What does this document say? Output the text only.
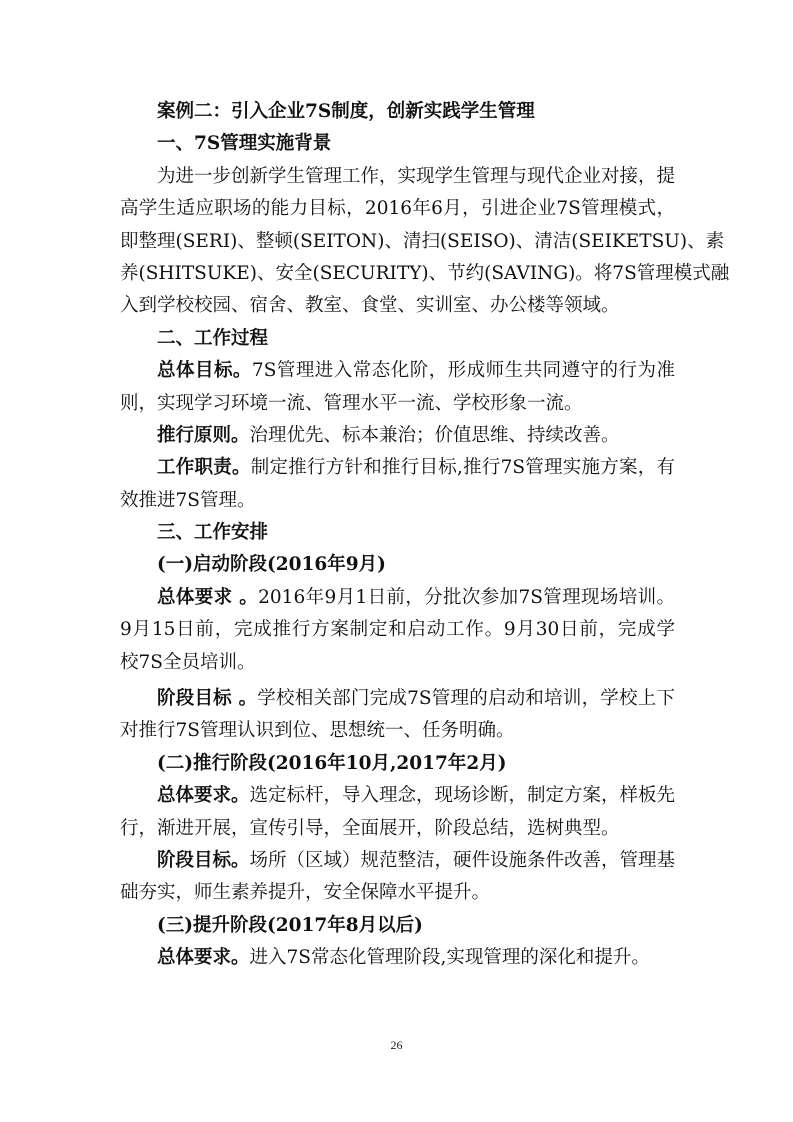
案例二：引入企业7S制度，创新实践学生管理
一、7S管理实施背景
为进一步创新学生管理工作，实现学生管理与现代企业对接，提
高学生适应职场的能力目标，2016年6月，引进企业7S管理模式，
即整理(SERI)、整顿(SEITON)、清扫(SEISO)、清洁(SEIKETSU)、素
养(SHITSUKE)、安全(SECURITY)、节约(SAVING)。将7S管理模式融
入到学校校园、宿舍、教室、食堂、实训室、办公楼等领域。
二、工作过程
总体目标。7S管理进入常态化阶，形成师生共同遵守的行为准
则，实现学习环境一流、管理水平一流、学校形象一流。
推行原则。治理优先、标本兼治；价值思维、持续改善。
工作职责。制定推行方针和推行目标,推行7S管理实施方案，有
效推进7S管理。
三、工作安排
(一)启动阶段(2016年9月)
总体要求 。2016年9月1日前，分批次参加7S管理现场培训。
9月15日前，完成推行方案制定和启动工作。9月30日前，完成学
校7S全员培训。
阶段目标 。学校相关部门完成7S管理的启动和培训，学校上下
对推行7S管理认识到位、思想统一、任务明确。
(二)推行阶段(2016年10月,2017年2月)
总体要求。选定标杆，导入理念，现场诊断，制定方案，样板先
行，渐进开展，宣传引导，全面展开，阶段总结，选树典型。
阶段目标。场所（区域）规范整洁，硬件设施条件改善，管理基
础夯实，师生素养提升，安全保障水平提升。
(三)提升阶段(2017年8月以后)
总体要求。进入7S常态化管理阶段,实现管理的深化和提升。
26
